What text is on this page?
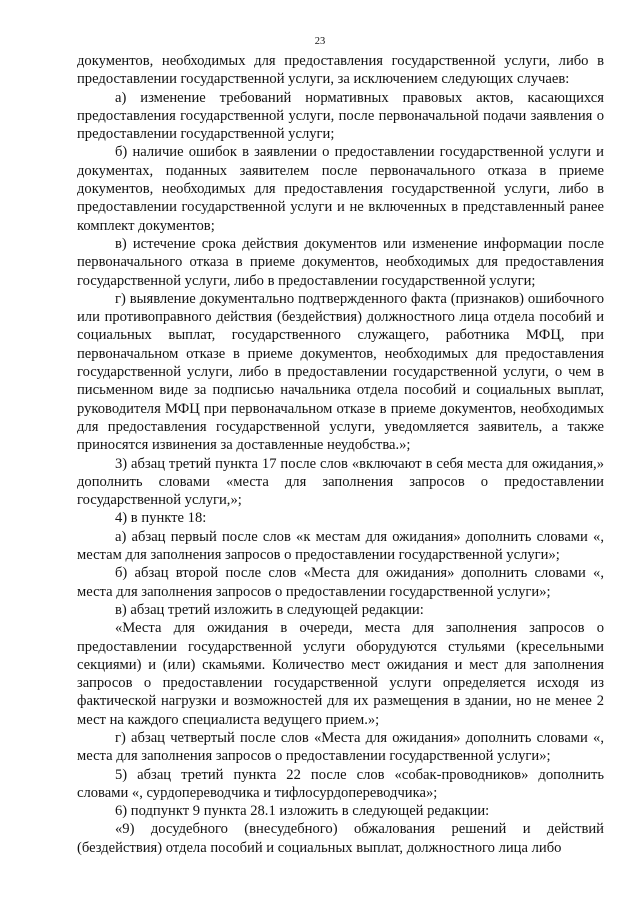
23

документов, необходимых для предоставления государственной услуги, либо в предоставлении государственной услуги, за исключением следующих случаев:

а) изменение требований нормативных правовых актов, касающихся предоставления государственной услуги, после первоначальной подачи заявления о предоставлении государственной услуги;

б) наличие ошибок в заявлении о предоставлении государственной услуги и документах, поданных заявителем после первоначального отказа в приеме документов, необходимых для предоставления государственной услуги, либо в предоставлении государственной услуги и не включенных в представленный ранее комплект документов;

в) истечение срока действия документов или изменение информации после первоначального отказа в приеме документов, необходимых для предоставления государственной услуги, либо в предоставлении государственной услуги;

г) выявление документально подтвержденного факта (признаков) ошибочного или противоправного действия (бездействия) должностного лица отдела пособий и социальных выплат, государственного служащего, работника МФЦ, при первоначальном отказе в приеме документов, необходимых для предоставления государственной услуги, либо в предоставлении государственной услуги, о чем в письменном виде за подписью начальника отдела пособий и социальных выплат, руководителя МФЦ при первоначальном отказе в приеме документов, необходимых для предоставления государственной услуги, уведомляется заявитель, а также приносятся извинения за доставленные неудобства.»;

3) абзац третий пункта 17 после слов «включают в себя места для ожидания,» дополнить словами «места для заполнения запросов о предоставлении государственной услуги,»;

4) в пункте 18:

а) абзац первый после слов «к местам для ожидания» дополнить словами «, местам для заполнения запросов о предоставлении государственной услуги»;

б) абзац второй после слов «Места для ожидания» дополнить словами «, места для заполнения запросов о предоставлении государственной услуги»;

в) абзац третий изложить в следующей редакции:

«Места для ожидания в очереди, места для заполнения запросов о предоставлении государственной услуги оборудуются стульями (кресельными секциями) и (или) скамьями. Количество мест ожидания и мест для заполнения запросов о предоставлении государственной услуги определяется исходя из фактической нагрузки и возможностей для их размещения в здании, но не менее 2 мест на каждого специалиста ведущего прием.»;

г) абзац четвертый после слов «Места для ожидания» дополнить словами «, места для заполнения запросов о предоставлении государственной услуги»;

5) абзац третий пункта 22 после слов «собак-проводников» дополнить словами «, сурдопереводчика и тифлосурдопереводчика»;

6) подпункт 9 пункта 28.1 изложить в следующей редакции:

«9) досудебного (внесудебного) обжалования решений и действий (бездействия) отдела пособий и социальных выплат, должностного лица либо
